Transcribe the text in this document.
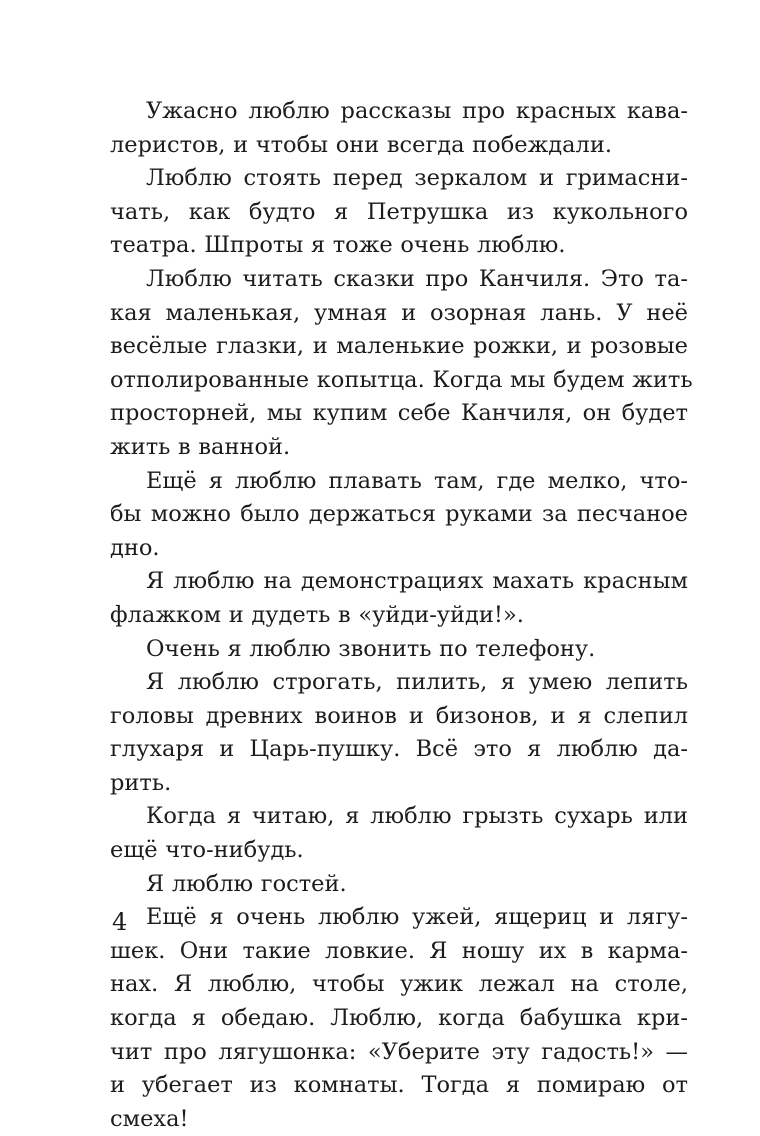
Ужасно люблю рассказы про красных кава-
леристов, и чтобы они всегда побеждали.
Люблю стоять перед зеркалом и гримасни-
чать, как будто я Петрушка из кукольного
театра. Шпроты я тоже очень люблю.
Люблю читать сказки про Канчиля. Это та-
кая маленькая, умная и озорная лань. У неё
весёлые глазки, и маленькие рожки, и розовые
отполированные копытца. Когда мы будем жить
просторней, мы купим себе Канчиля, он будет
жить в ванной.
Ещё я люблю плавать там, где мелко, что-
бы можно было держаться руками за песчаное
дно.
Я люблю на демонстрациях махать красным
флажком и дудеть в «уйди-уйди!».
Очень я люблю звонить по телефону.
Я люблю строгать, пилить, я умею лепить
головы древних воинов и бизонов, и я слепил
глухаря и Царь-пушку. Всё это я люблю да-
рить.
Когда я читаю, я люблю грызть сухарь или
ещё что-нибудь.
Я люблю гостей.
Ещё я очень люблю ужей, ящериц и лягу-
шек. Они такие ловкие. Я ношу их в карма-
нах. Я люблю, чтобы ужик лежал на столе,
когда я обедаю. Люблю, когда бабушка кри-
чит про лягушонка: «Уберите эту гадость!» —
и убегает из комнаты. Тогда я помираю от
смеха!
4
